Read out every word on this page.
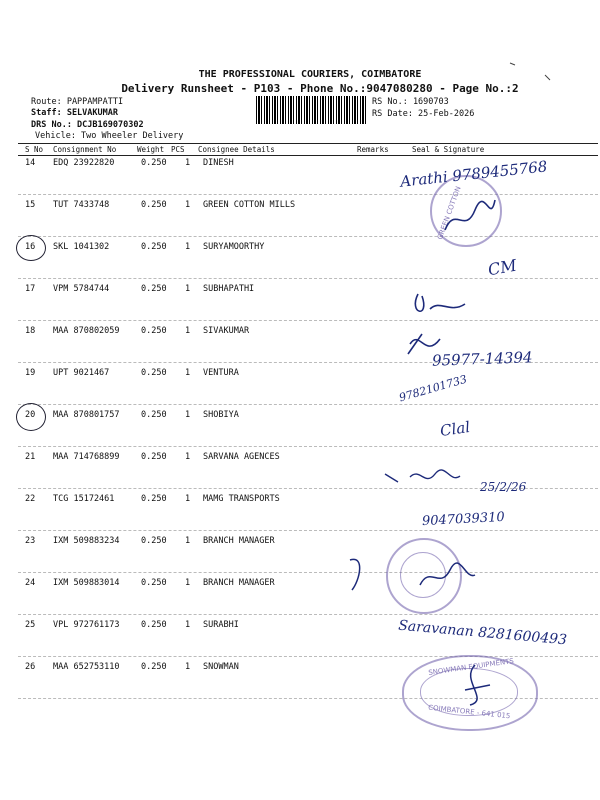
THE PROFESSIONAL COURIERS, COIMBATORE
Delivery Runsheet - P103 - Phone No.:9047080280 - Page No.:2
Route: PAPPAMPATTI
Staff: SELVAKUMAR
DRS No.: DCJB169070302
Vehicle: Two Wheeler Delivery
RS No.: 1690703
RS Date: 25-Feb-2026
S No Consignment No	Weight PCS Consignee Details	Remarks	Seal & Signature
14 EDQ 23922820	0.250 1 DINESH
15 TUT 7433748	0.250 1 GREEN COTTON MILLS
16 SKL 1041302	0.250 1 SURYAMOORTHY
17 VPM 5784744	0.250 1 SUBHAPATHI
18 MAA 870802059	0.250 1 SIVAKUMAR
19 UPT 9021467	0.250 1 VENTURA
20 MAA 870801757	0.250 1 SHOBIYA
21 MAA 714768899	0.250 1 SARVANA AGENCES
22 TCG 15172461	0.250 1 MAMG TRANSPORTS
23 IXM 509883234	0.250 1 BRANCH MANAGER
24 IXM 509883014	0.250 1 BRANCH MANAGER
25 VPL 972761173	0.250 1 SURABHI
26 MAA 652753110	0.250 1 SNOWMAN
GREEN COTTON
SNOWMAN EQUIPMENTS
COIMBATORE - 641 015
Arathi 9789455768
CM
95977-14394
9782101733
Clal
25/2/26
9047039310
Saravanan 8281600493
